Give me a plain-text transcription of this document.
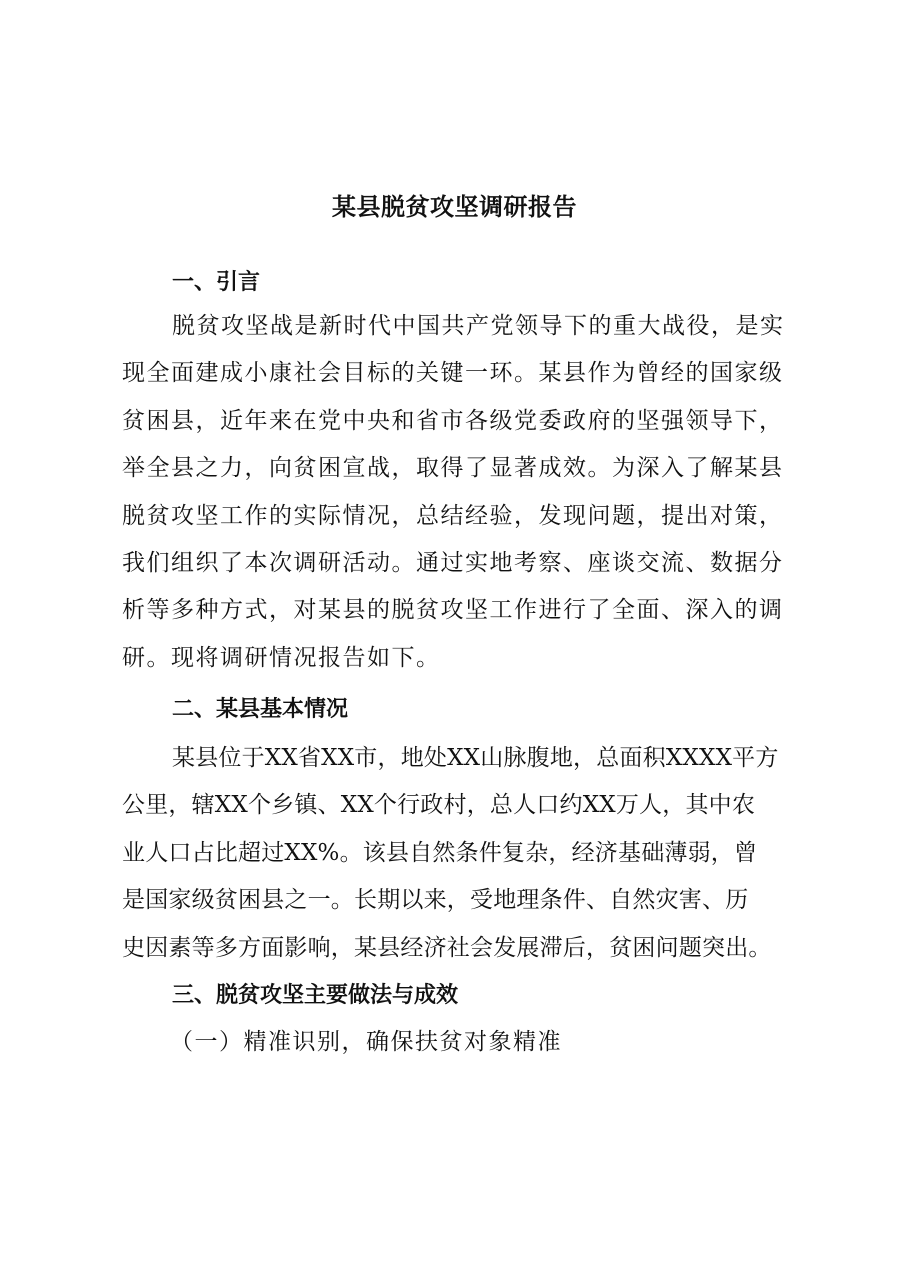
某县脱贫攻坚调研报告
一、引言
脱贫攻坚战是新时代中国共产党领导下的重大战役，是实
现全面建成小康社会目标的关键一环。某县作为曾经的国家级
贫困县，近年来在党中央和省市各级党委政府的坚强领导下，
举全县之力，向贫困宣战，取得了显著成效。为深入了解某县
脱贫攻坚工作的实际情况，总结经验，发现问题，提出对策，
我们组织了本次调研活动。通过实地考察、座谈交流、数据分
析等多种方式，对某县的脱贫攻坚工作进行了全面、深入的调
研。现将调研情况报告如下。
二、某县基本情况
某县位于XX省XX市，地处XX山脉腹地，总面积XXXX平方
公里，辖XX个乡镇、XX个行政村，总人口约XX万人，其中农
业人口占比超过XX%。该县自然条件复杂，经济基础薄弱，曾
是国家级贫困县之一。长期以来，受地理条件、自然灾害、历
史因素等多方面影响，某县经济社会发展滞后，贫困问题突出。
三、脱贫攻坚主要做法与成效
（一）精准识别，确保扶贫对象精准
